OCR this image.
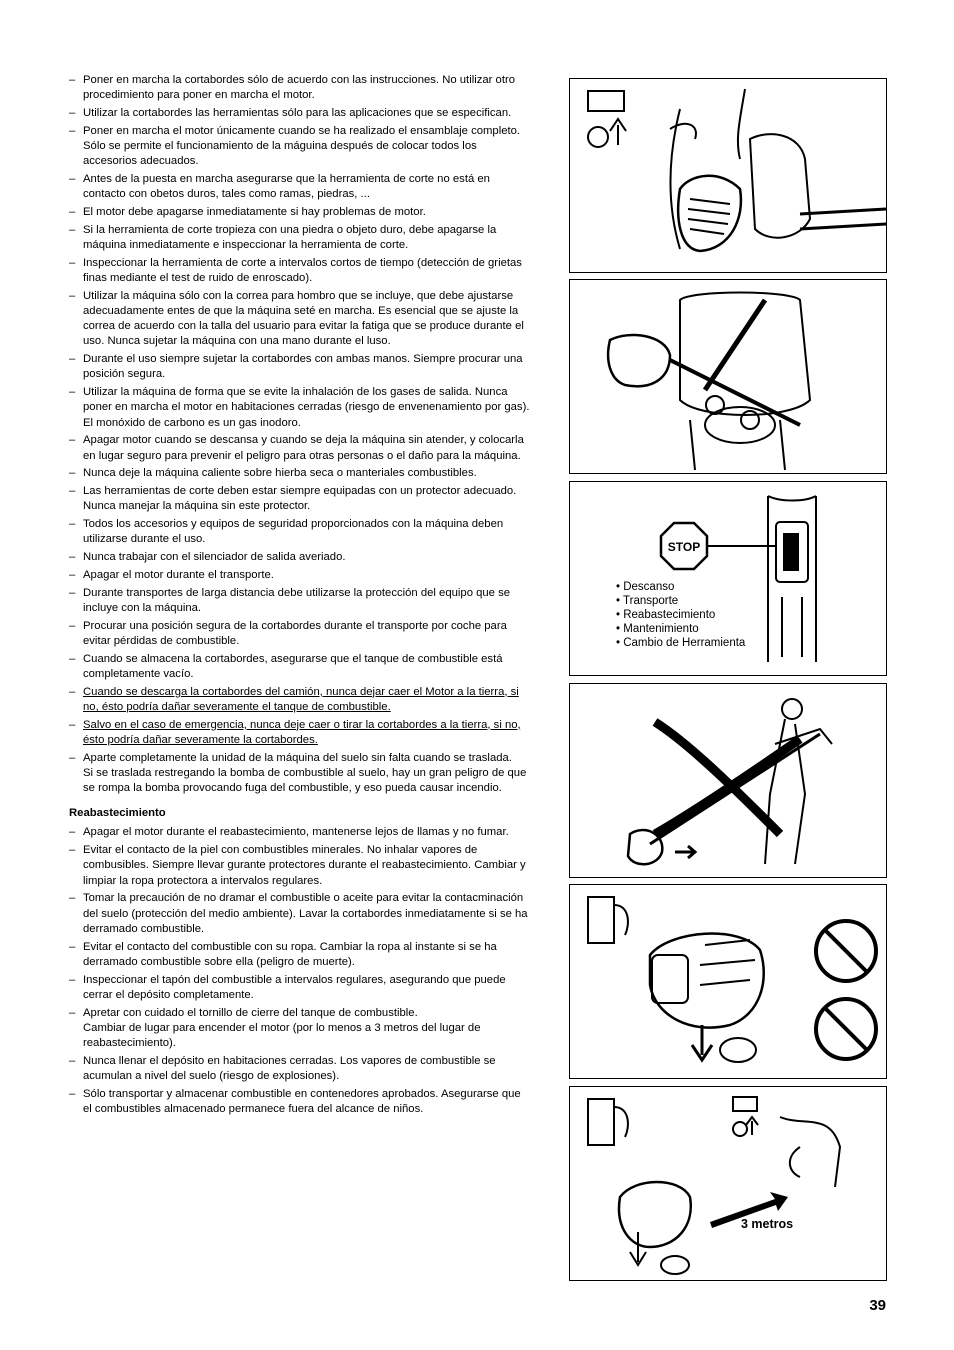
– Poner en marcha la cortabordes sólo de acuerdo con las instrucciones. No utilizar otro procedimiento para poner en marcha el motor.
– Utilizar la cortabordes las herramientas sólo para las aplicaciones que se especifican.
– Poner en marcha el motor únicamente cuando se ha realizado el ensamblaje completo. Sólo se permite el funcionamiento de la máguina después de colocar todos los accesorios adecuados.
– Antes de la puesta en marcha asegurarse que la herramienta de corte no está en contacto con obetos duros, tales como ramas, piedras, ...
– El motor debe apagarse inmediatamente si hay problemas de motor.
– Si la herramienta de corte tropieza con una piedra o objeto duro, debe apagarse la máquina inmediatamente e inspeccionar la herramienta de corte.
– Inspeccionar la herramienta de corte a intervalos cortos de tiempo (detección de grietas finas mediante el test de ruido de enroscado).
– Utilizar la máquina sólo con la correa para hombro que se incluye, que debe ajustarse adecuadamente entes de que la máquina seté en marcha. Es esencial que se ajuste la correa de acuerdo con la talla del usuario para evitar la fatiga que se produce durante el uso. Nunca sujetar la máquina con una mano durante el luso.
– Durante el uso siempre sujetar la cortabordes con ambas manos. Siempre procurar una posición segura.
– Utilizar la máquina de forma que se evite la inhalación de los gases de salida. Nunca poner en marcha el motor en habitaciones cerradas (riesgo de envenenamiento por gas). El monóxido de carbono es un gas inodoro.
– Apagar motor cuando se descansa y cuando se deja la máquina sin atender, y colocarla en lugar seguro para prevenir el peligro para otras personas o el daño para la máquina.
– Nunca deje la máquina caliente sobre hierba seca o manteriales combustibles.
– Las herramientas de corte deben estar siempre equipadas con un protector adecuado. Nunca manejar la máquina sin este protector.
– Todos los accesorios y equipos de seguridad proporcionados con la máquina deben utilizarse durante el uso.
– Nunca trabajar con el silenciador de salida averiado.
– Apagar el motor durante el transporte.
– Durante transportes de larga distancia debe utilizarse la protección del equipo que se incluye con la máquina.
– Procurar una posición segura de la cortabordes durante el transporte por coche para evitar pérdidas de combustible.
– Cuando se almacena la cortabordes, asegurarse que el tanque de combustible está completamente vacío.
– Cuando se descarga la cortabordes del camión, nunca dejar caer el Motor a la tierra, si no, ésto podría dañar severamente el tanque de combustible.
– Salvo en el caso de emergencia, nunca deje caer o tirar la cortabordes a la tierra, si no, ésto podría dañar severamente la cortabordes.
– Aparte completamente la unidad de la máquina del suelo sin falta cuando se traslada.
Si se traslada restregando la bomba de combustible al suelo, hay un gran peligro de que se rompa la bomba provocando fuga del combustible, y eso pueda causar incendio.
Reabastecimiento
– Apagar el motor durante el reabastecimiento, mantenerse lejos de llamas y no fumar.
– Evitar el contacto de la piel con combustibles minerales. No inhalar vapores de combusibles. Siempre llevar gurante protectores durante el reabastecimiento. Cambiar y limpiar la ropa protectora a intervalos regulares.
– Tomar la precaución de no dramar el combustible o aceite para evitar la contacminación del suelo (protección del medio ambiente). Lavar la cortabordes inmediatamente si se ha derramado combustible.
– Evitar el contacto del combustible con su ropa. Cambiar la ropa al instante si se ha derramado combustible sobre ella (peligro de muerte).
– Inspeccionar el tapón del combustible a intervalos regulares, asegurando que puede cerrar el depósito completamente.
– Apretar con cuidado el tornillo de cierre del tanque de combustible.
Cambiar de lugar para encender el motor (por lo menos a 3 metros del lugar de reabastecimiento).
– Nunca llenar el depósito en habitaciones cerradas. Los vapores de combustible se acumulan a nivel del suelo (riesgo de explosiones).
– Sólo transportar y almacenar combustible en contenedores aprobados. Asegurarse que el combustibles almacenado permanece fuera del alcance de niños.
STOP
• Descanso
• Transporte
• Reabastecimiento
• Mantenimiento
• Cambio de Herramienta
3 metros
39
